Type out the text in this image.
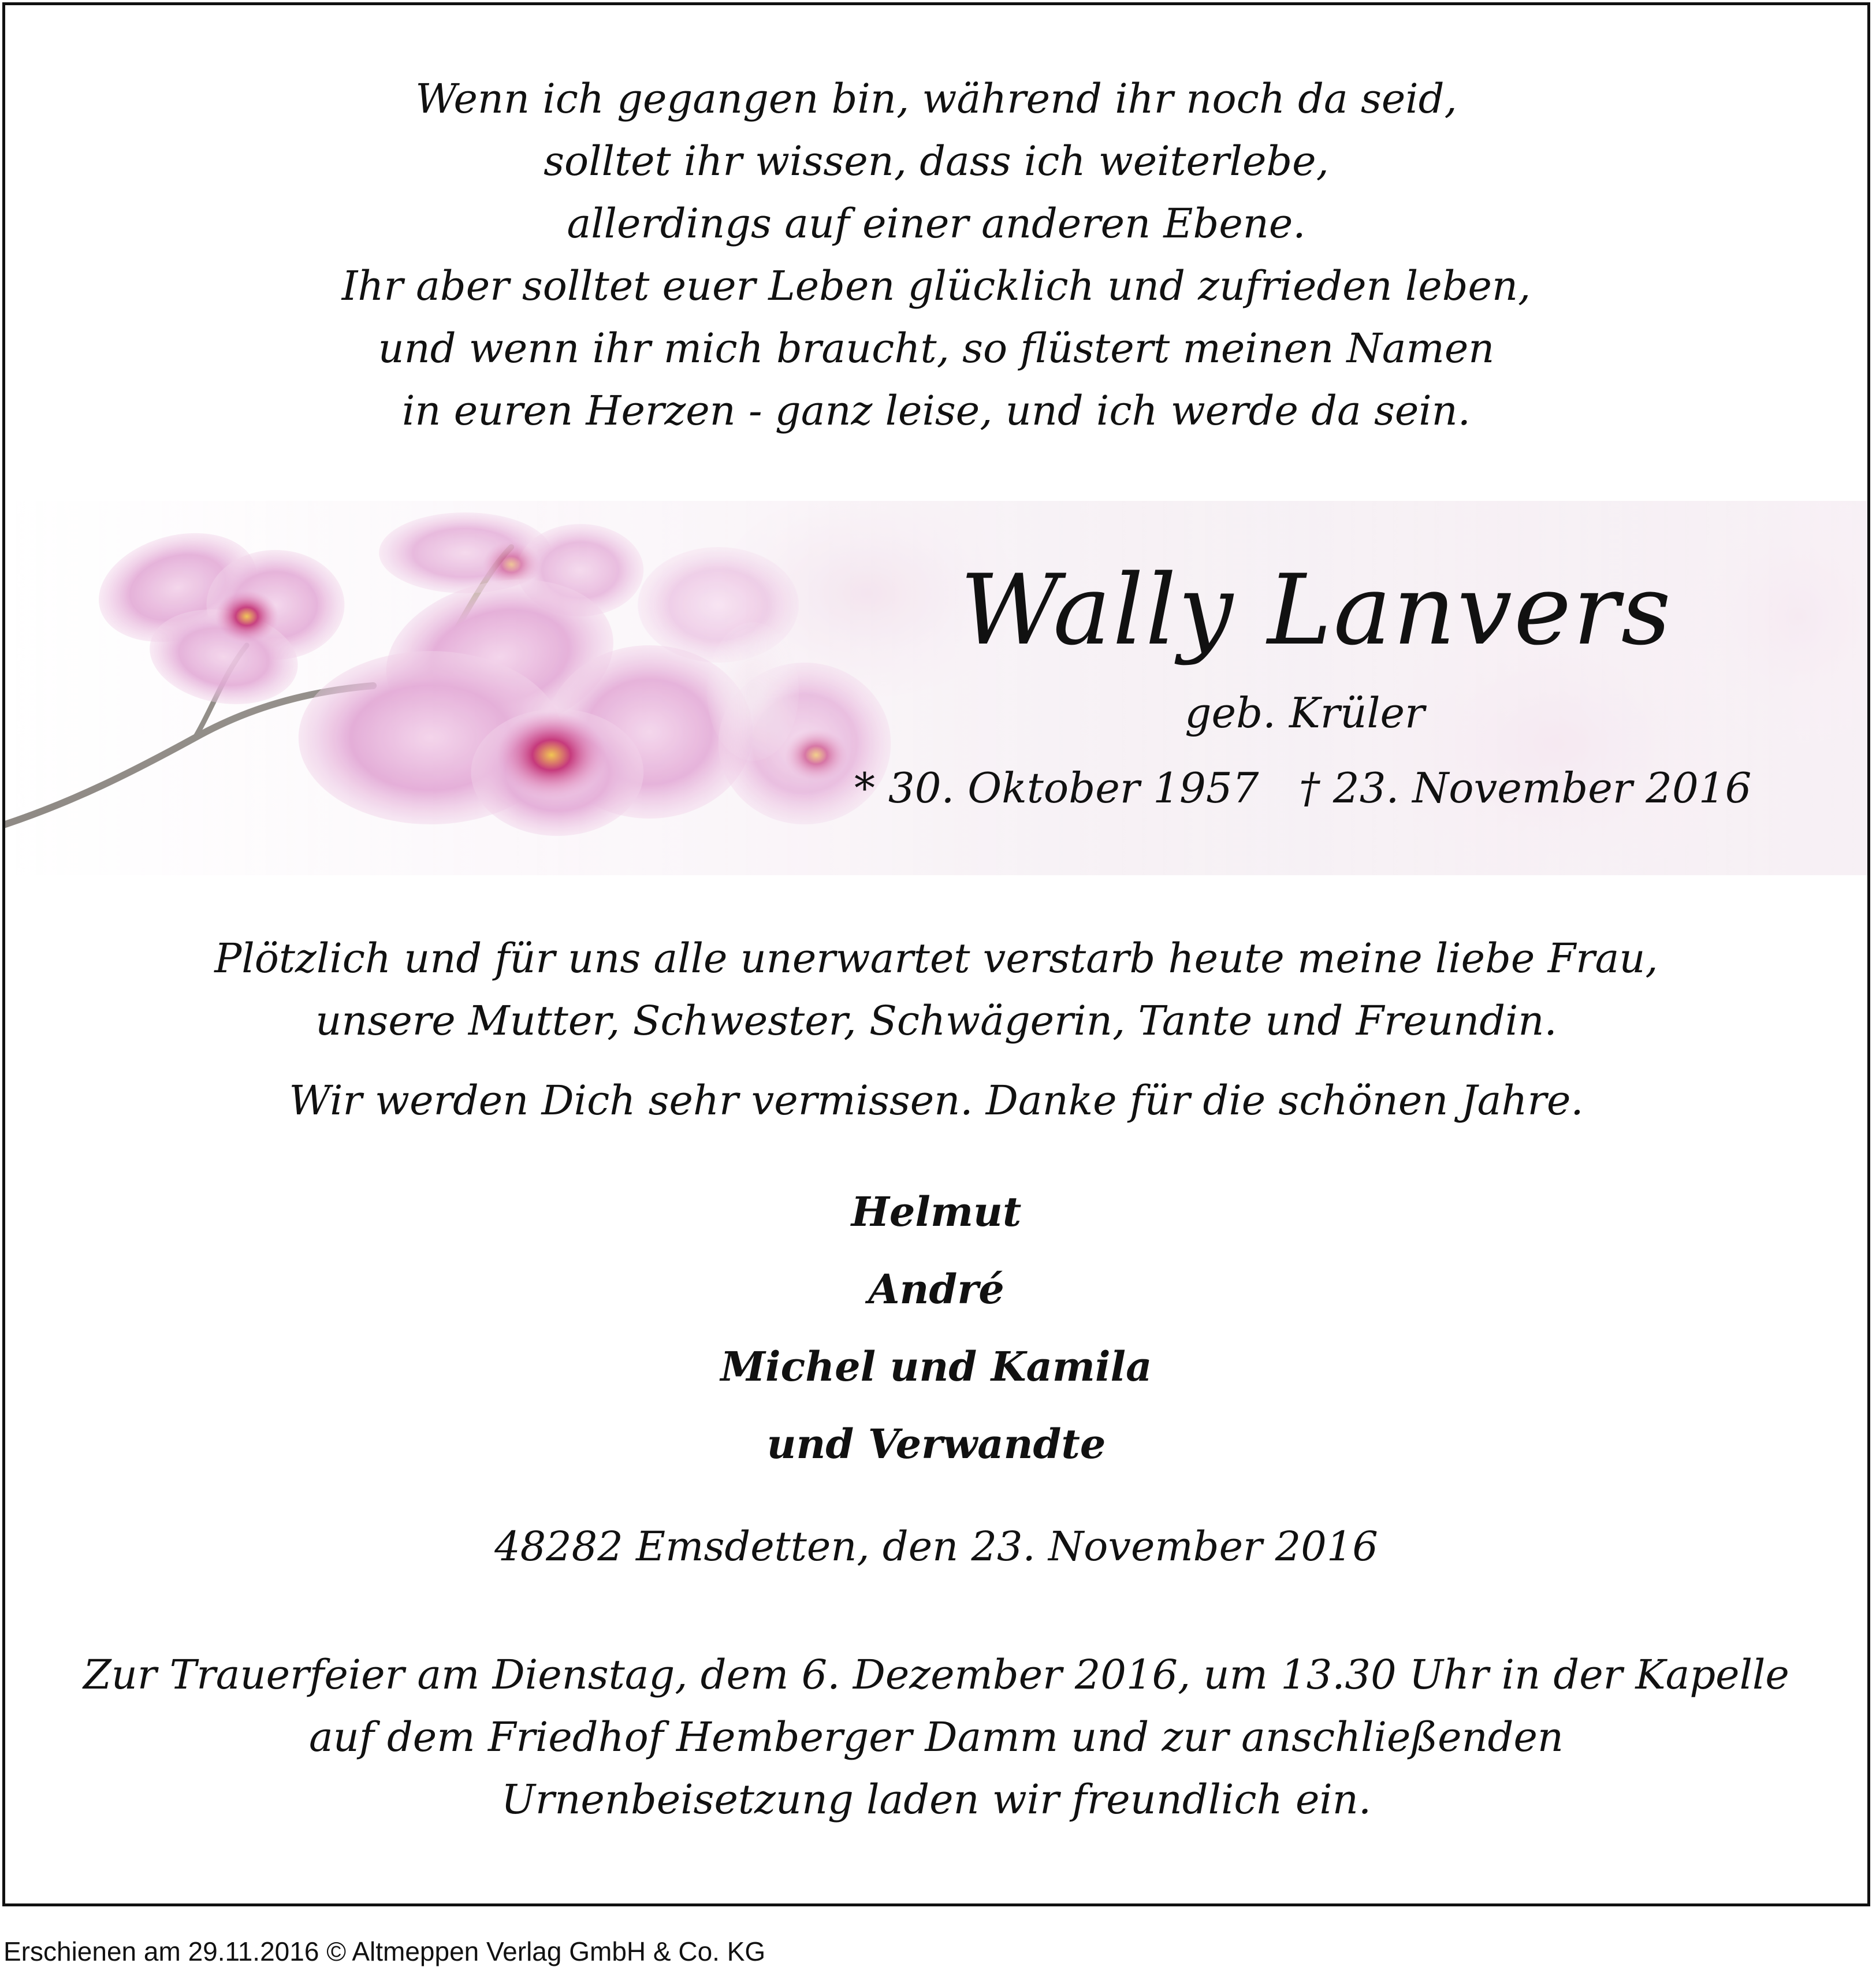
Wenn ich gegangen bin, während ihr noch da seid,
solltet ihr wissen, dass ich weiterlebe,
allerdings auf einer anderen Ebene.
Ihr aber solltet euer Leben glücklich und zufrieden leben,
und wenn ihr mich braucht, so flüstert meinen Namen
in euren Herzen - ganz leise, und ich werde da sein.
Wally Lanvers
geb. Krüler
* 30. Oktober 1957 † 23. November 2016
Plötzlich und für uns alle unerwartet verstarb heute meine liebe Frau,
unsere Mutter, Schwester, Schwägerin, Tante und Freundin.
Wir werden Dich sehr vermissen. Danke für die schönen Jahre.
Helmut
André
Michel und Kamila
und Verwandte
48282 Emsdetten, den 23. November 2016
Zur Trauerfeier am Dienstag, dem 6. Dezember 2016, um 13.30 Uhr in der Kapelle
auf dem Friedhof Hemberger Damm und zur anschließenden
Urnenbeisetzung laden wir freundlich ein.
Erschienen am 29.11.2016 © Altmeppen Verlag GmbH & Co. KG
